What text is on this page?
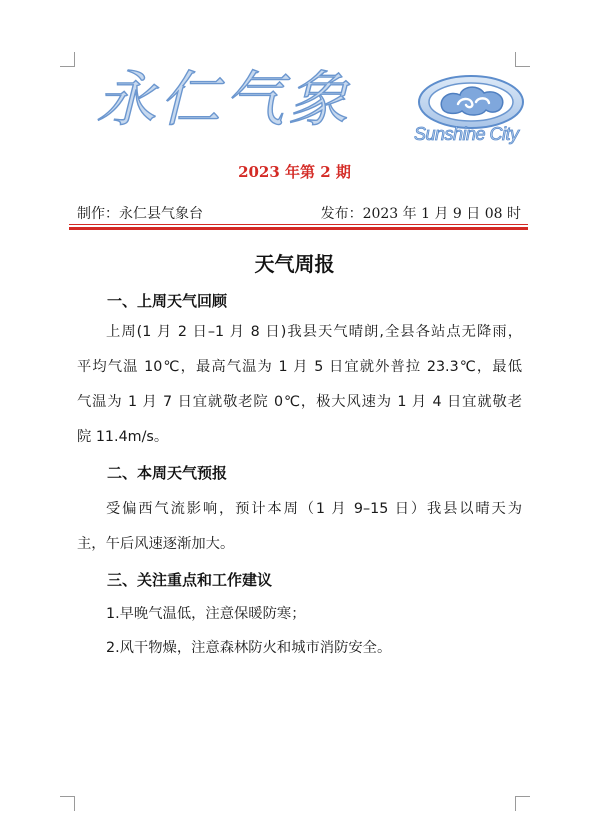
永仁气象	Sunshine City
2023 年第 2 期
制作：永仁县气象台	发布：2023 年 1 月 9 日 08 时
天气周报
一、上周天气回顾
上周(1 月 2 日–1 月 8 日)我县天气晴朗,全县各站点无降雨，
平均气温 10℃，最高气温为 1 月 5 日宜就外普拉 23.3℃，最低
气温为 1 月 7 日宜就敬老院 0℃，极大风速为 1 月 4 日宜就敬老
院 11.4m/s。
二、本周天气预报
受偏西气流影响，预计本周（1 月 9–15 日）我县以晴天为
主，午后风速逐渐加大。
三、关注重点和工作建议
1.早晚气温低，注意保暖防寒；
2.风干物燥，注意森林防火和城市消防安全。
